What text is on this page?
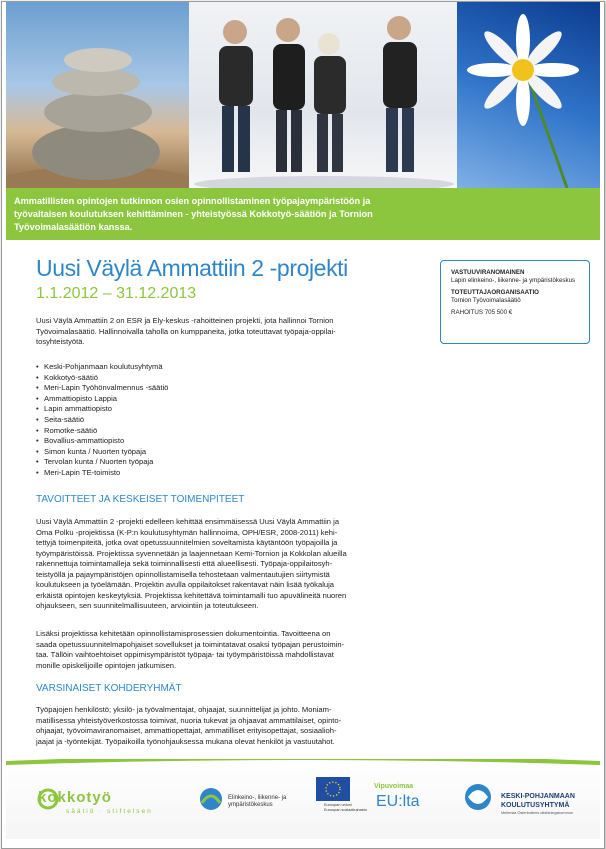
Ammatillisten opintojen tutkinnon osien opinnollistaminen työpajaympäristöön ja
työvaltaisen koulutuksen kehittäminen - yhteistyössä Kokkotyö-säätiön ja Tornion
Työvoimalasäätiön kanssa.
Uusi Väylä Ammattiin 2 -projekti
1.1.2012 – 31.12.2013
VASTUUVIRANOMAINEN
Lapin elinkeino-, liikenne- ja ympäristökeskus
TOTEUTTAJAORGANISAATIO
Tornion Työvoimalasäätiö
RAHOITUS 705 500 €
Uusi Väylä Ammattiin 2 on ESR ja Ely-keskus -rahoitteinen projekti, jota hallinnoi Tornion
Työvoimalasäätiö. Hallinnoivalla taholla on kumppaneita, jotka toteuttavat työpaja-oppilai-
tosyhteistyötä.
• Keski-Pohjanmaan koulutusyhtymä
• Kokkotyö-säätiö
• Meri-Lapin Työhönvalmennus -säätiö
• Ammattiopisto Lappia
• Lapin ammattiopisto
• Seita-säätiö
• Romotke-säätiö
• Bovallius-ammattiopisto
• Simon kunta / Nuorten työpaja
• Tervolan kunta / Nuorten työpaja
• Meri-Lapin TE-toimisto
TAVOITTEET JA KESKEISET TOIMENPITEET
Uusi Väylä Ammattiin 2 -projekti edelleen kehittää ensimmäisessä Uusi Väylä Ammattiin ja
Oma Polku -projektissa (K-P:n koulutusyhtymän hallinnoima, OPH/ESR, 2008-2011) kehi-
tettyjä toimenpiteitä, jotka ovat opetussuunnitelmien soveltamista käytäntöön työpajoilla ja
työympäristöissä. Projektissa syvennetään ja laajennetaan Kemi-Tornion ja Kokkolan alueilla
rakennettuja toimintamalleja sekä toiminnallisesti että alueellisesti. Työpaja-oppilaitosyh-
teistyöllä ja pajaympäristöjen opinnollistamisella tehostetaan valmentautujien siirtymistä
koulutukseen ja työelämään. Projektin avulla oppilaitokset rakentavat näin lisää työkaluja
erkäistä opintojen keskeytyksiä. Projektissa kehitettävä toimintamalli tuo apuvälineitä nuoren
ohjaukseen, sen suunnitelmallisuuteen, arviointiin ja toteutukseen.
Lisäksi projektissa kehitetään opinnollistamisprosessien dokumentointia. Tavoitteena on
saada opetussuunnitelmapohjaiset sovellukset ja toimintatavat osaksi työpajan perustoimin-
taa. Tällöin vaihtoehtoiset oppimisympäristöt työpaja- tai työympäristöissä mahdollistavat
monille opiskelijoille opintojen jatkumisen.
VARSINAISET KOHDERYHMÄT
Työpajojen henkilöstö; yksilö- ja työvalmentajat, ohjaajat, suunnittelijat ja johto. Moniam-
matillisessa yhteistyöverkostossa toimivat, nuoria tukevat ja ohjaavat ammattilaiset, opinto-
ohjaajat, työvoimaviranomaiset, ammattiopettajat, ammatilliset erityisopettajat, sosiaalioh-
jaajat ja -työntekijät. Työpaikoilla työnohjauksessa mukana olevat henkilöt ja vastuutahot.
kokkotyö
säätiö · stiftelsen
Elinkeino-, liikenne- ja
ympäristökeskus	Euroopan unioni
Euroopan sosiaalirahasto
Vipuvoimaa
EU:lta	KESKI-POHJANMAAN
KOULUTUSYHTYMÄ
Mellersta Österbottens utbildningskommun
